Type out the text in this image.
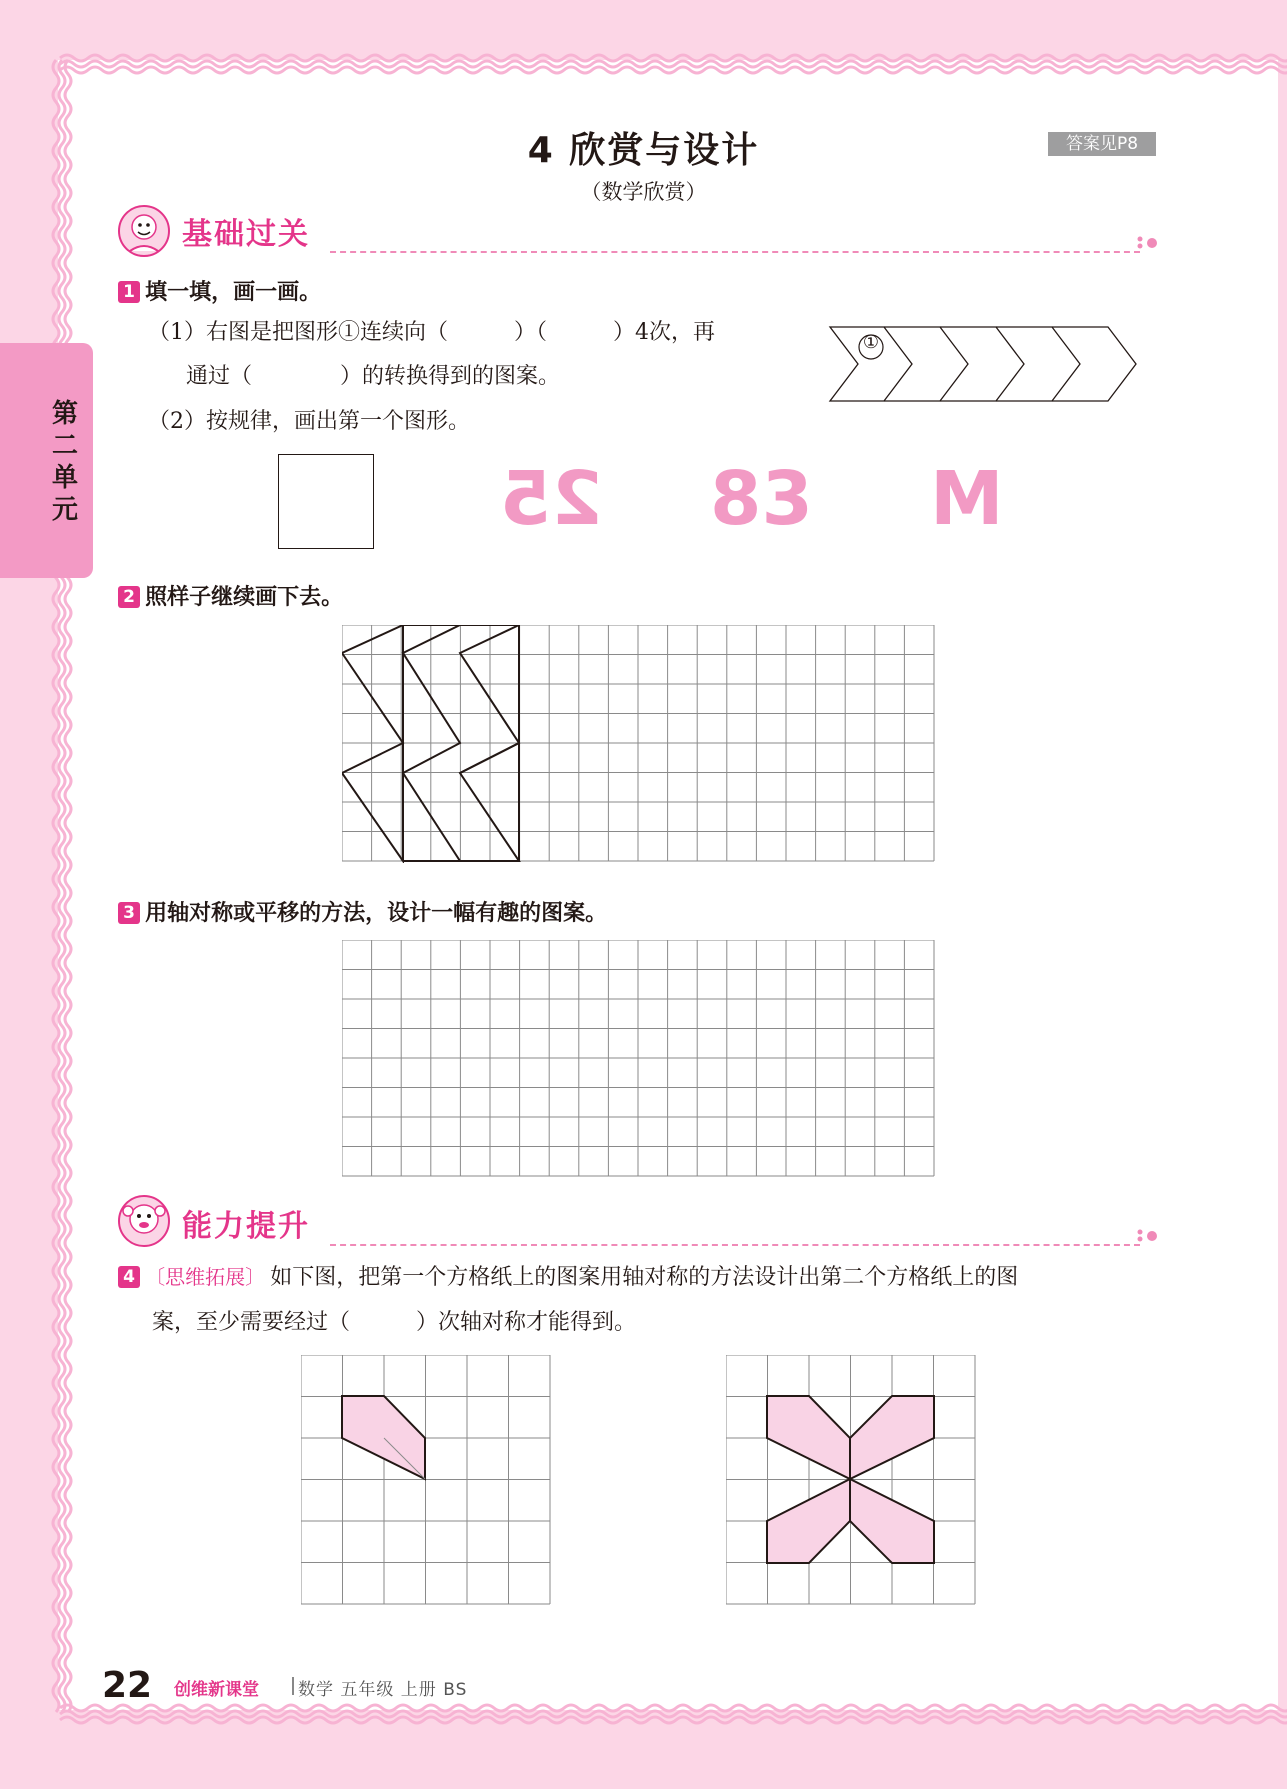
第
二
单
元
4 欣赏与设计
（数学欣赏）
答案见P8
基础过关
1 填一填，画一画。
（1）右图是把图形①连续向（　　　）（　　　）4次，再
通过（　　　　）的转换得到的图案。
（2）按规律，画出第一个图形。
①
25 83 M
2 照样子继续画下去。
3 用轴对称或平移的方法，设计一幅有趣的图案。
能力提升
4 〔思维拓展〕 如下图，把第一个方格纸上的图案用轴对称的方法设计出第二个方格纸上的图
案，至少需要经过（　　　）次轴对称才能得到。
22 创维新课堂 数学 五年级 上册 BS
